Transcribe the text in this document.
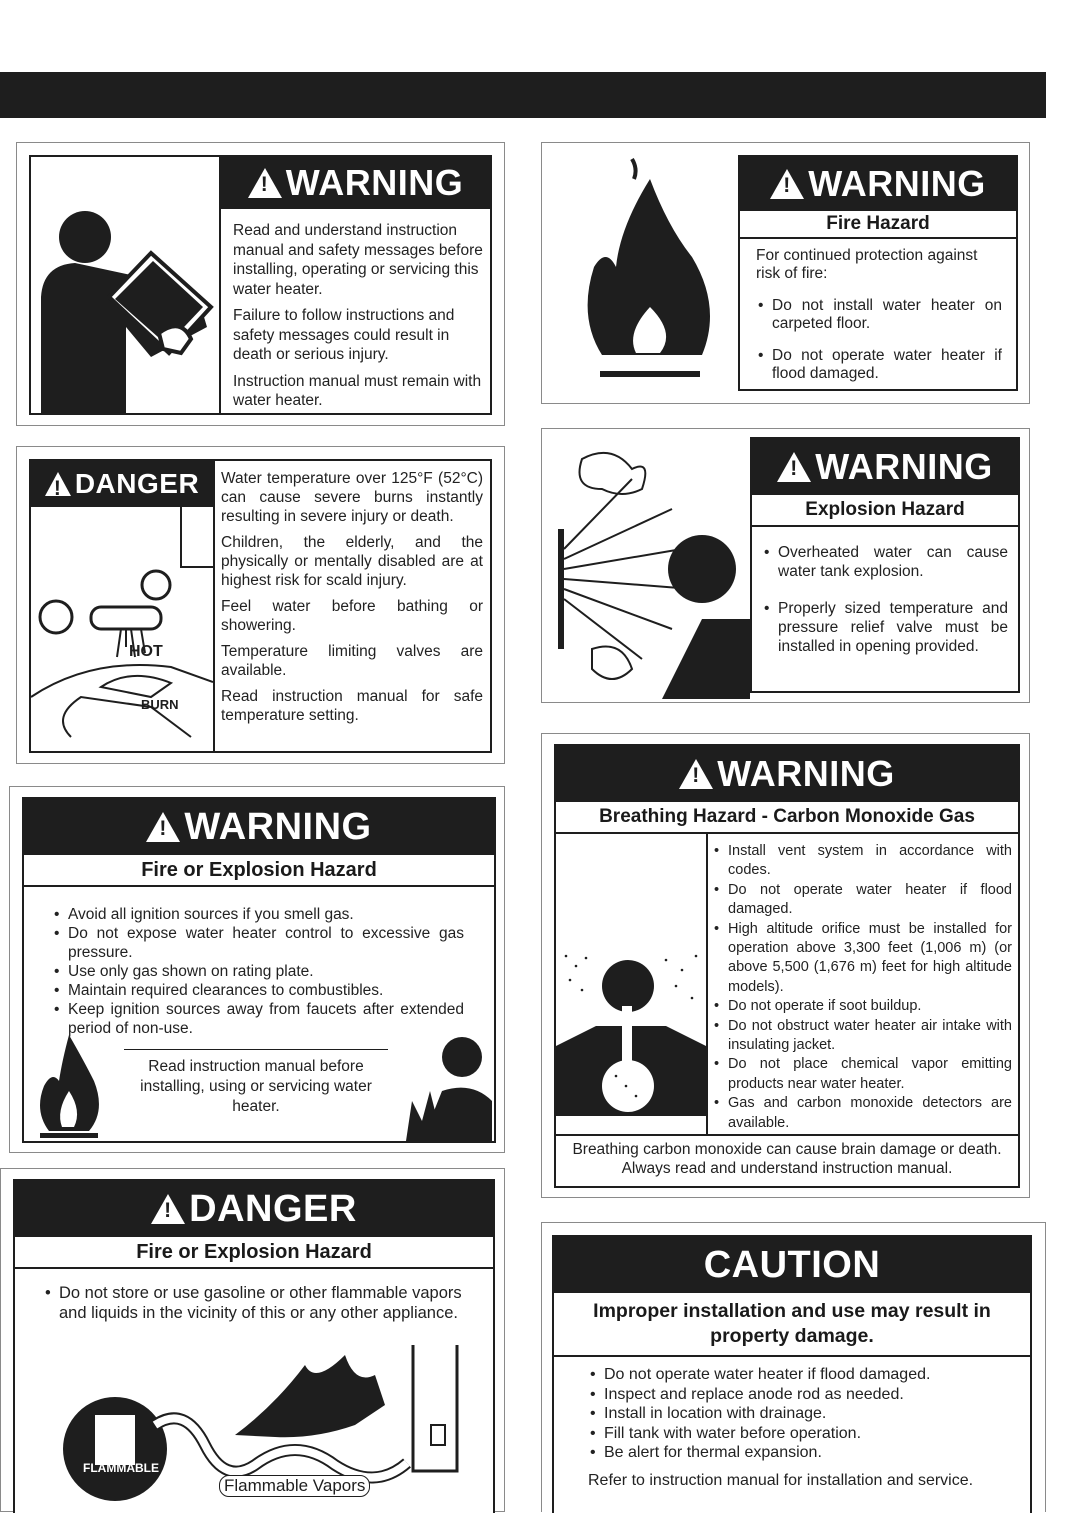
!
WARNING

Read and understand instruction manual and safety messages before installing, operating or servicing this water heater.

Failure to follow instructions and safety messages could result in death or serious injury.

Instruction manual must remain with water heater.

!
DANGER
HOT
BURN

Water temperature over 125°F (52°C) can cause severe burns instantly resulting in severe injury or death.

Children, the elderly, and the physically or mentally disabled are at highest risk for scald injury.

Feel water before bathing or showering.

Temperature limiting valves are available.

Read instruction manual for safe temperature setting.

!
WARNING
Fire or Explosion Hazard
• Avoid all ignition sources if you smell gas.
• Do not expose water heater control to excessive gas pressure.
• Use only gas shown on rating plate.
• Maintain required clearances to combustibles.
• Keep ignition sources away from faucets after extended period of non-use.
Read instruction manual before installing, using or servicing water heater.
!
DANGER
Fire or Explosion Hazard
• Do not store or use gasoline or other flammable vapors and liquids in the vicinity of this or any other appliance.
FLAMMABLE
Flammable Vapors
!
WARNING
Fire Hazard

For continued protection against risk of fire:

• Do not install water heater on carpeted floor.
• Do not operate water heater if flood damaged.
!
WARNING
Explosion Hazard
• Overheated water can cause water tank explosion.
• Properly sized temperature and pressure relief valve must be installed in opening provided.
!
WARNING
Breathing Hazard - Carbon Monoxide Gas
• Install vent system in accordance with codes.
• Do not operate water heater if flood damaged.
• High altitude orifice must be installed for operation above 3,300 feet (1,006 m) (or above 5,500 (1,676 m) feet for high altitude models).
• Do not operate if soot buildup.
• Do not obstruct water heater air intake with insulating jacket.
• Do not place chemical vapor emitting products near water heater.
• Gas and carbon monoxide detectors are available.
Breathing carbon monoxide can cause brain damage or death. Always read and understand instruction manual.
CAUTION
Improper installation and use may result in property damage.
• Do not operate water heater if flood damaged.
• Inspect and replace anode rod as needed.
• Install in location with drainage.
• Fill tank with water before operation.
• Be alert for thermal expansion.
Refer to instruction manual for installation and service.
